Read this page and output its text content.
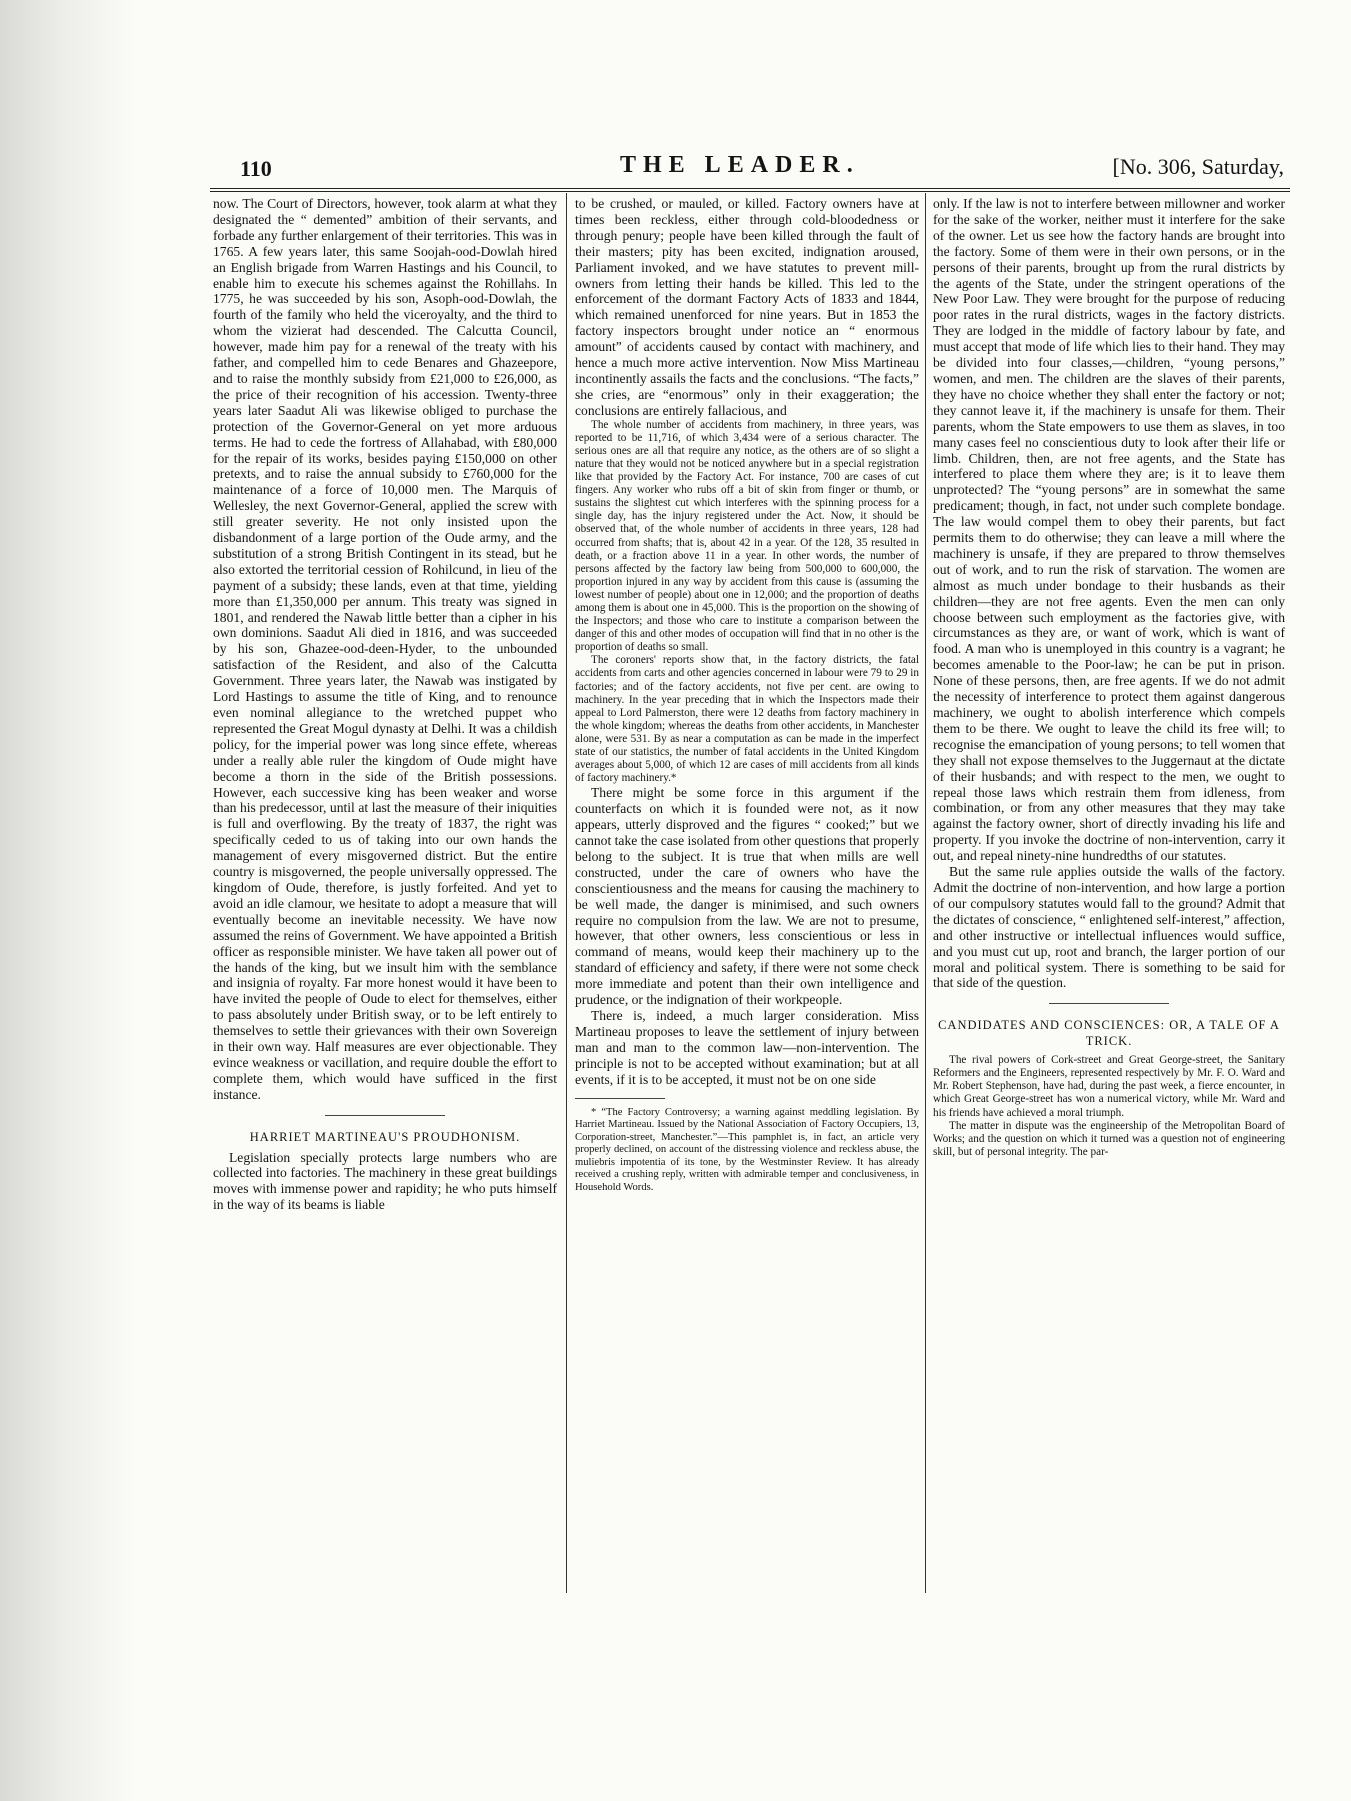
110	THE LEADER.	[No. 306, Saturday,

now. The Court of Directors, however, took alarm at what they designated the “ demented” ambition of their servants, and forbade any further enlargement of their territories. This was in 1765. A few years later, this same Soojah-ood-Dowlah hired an English brigade from Warren Hastings and his Council, to enable him to execute his schemes against the Rohillahs. In 1775, he was succeeded by his son, Asoph-ood-Dowlah, the fourth of the family who held the viceroyalty, and the third to whom the vizierat had descended. The Calcutta Council, however, made him pay for a renewal of the treaty with his father, and compelled him to cede Benares and Ghazeepore, and to raise the monthly subsidy from £21,000 to £26,000, as the price of their recognition of his accession. Twenty-three years later Saadut Ali was likewise obliged to purchase the protection of the Governor-General on yet more arduous terms. He had to cede the fortress of Allahabad, with £80,000 for the repair of its works, besides paying £150,000 on other pretexts, and to raise the annual subsidy to £760,000 for the maintenance of a force of 10,000 men. The Marquis of Wellesley, the next Governor-General, applied the screw with still greater severity. He not only insisted upon the disbandonment of a large portion of the Oude army, and the substitution of a strong British Contingent in its stead, but he also extorted the territorial cession of Rohilcund, in lieu of the payment of a subsidy; these lands, even at that time, yielding more than £1,350,000 per annum. This treaty was signed in 1801, and rendered the Nawab little better than a cipher in his own dominions. Saadut Ali died in 1816, and was succeeded by his son, Ghazee-ood-deen-Hyder, to the unbounded satisfaction of the Resident, and also of the Calcutta Government. Three years later, the Nawab was instigated by Lord Hastings to assume the title of King, and to renounce even nominal allegiance to the wretched puppet who represented the Great Mogul dynasty at Delhi. It was a childish policy, for the imperial power was long since effete, whereas under a really able ruler the kingdom of Oude might have become a thorn in the side of the British possessions. However, each successive king has been weaker and worse than his predecessor, until at last the measure of their iniquities is full and overflowing. By the treaty of 1837, the right was specifically ceded to us of taking into our own hands the management of every misgoverned district. But the entire country is misgoverned, the people universally oppressed. The kingdom of Oude, therefore, is justly forfeited. And yet to avoid an idle clamour, we hesitate to adopt a measure that will eventually become an inevitable necessity. We have now assumed the reins of Government. We have appointed a British officer as responsible minister. We have taken all power out of the hands of the king, but we insult him with the semblance and insignia of royalty. Far more honest would it have been to have invited the people of Oude to elect for themselves, either to pass absolutely under British sway, or to be left entirely to themselves to settle their grievances with their own Sovereign in their own way. Half measures are ever objectionable. They evince weakness or vacillation, and require double the effort to complete them, which would have sufficed in the first instance.

HARRIET MARTINEAU'S PROUDHONISM.

Legislation specially protects large numbers who are collected into factories. The machinery in these great buildings moves with immense power and rapidity; he who puts himself in the way of its beams is liable

to be crushed, or mauled, or killed. Factory owners have at times been reckless, either through cold-bloodedness or through penury; people have been killed through the fault of their masters; pity has been excited, indignation aroused, Parliament invoked, and we have statutes to prevent mill-owners from letting their hands be killed. This led to the enforcement of the dormant Factory Acts of 1833 and 1844, which remained unenforced for nine years. But in 1853 the factory inspectors brought under notice an “ enormous amount” of accidents caused by contact with machinery, and hence a much more active intervention. Now Miss Martineau incontinently assails the facts and the conclusions. “The facts,” she cries, are “enormous” only in their exaggeration; the conclusions are entirely fallacious, and

The whole number of accidents from machinery, in three years, was reported to be 11,716, of which 3,434 were of a serious character. The serious ones are all that require any notice, as the others are of so slight a nature that they would not be noticed anywhere but in a special registration like that provided by the Factory Act. For instance, 700 are cases of cut fingers. Any worker who rubs off a bit of skin from finger or thumb, or sustains the slightest cut which interferes with the spinning process for a single day, has the injury registered under the Act. Now, it should be observed that, of the whole number of accidents in three years, 128 had occurred from shafts; that is, about 42 in a year. Of the 128, 35 resulted in death, or a fraction above 11 in a year. In other words, the number of persons affected by the factory law being from 500,000 to 600,000, the proportion injured in any way by accident from this cause is (assuming the lowest number of people) about one in 12,000; and the proportion of deaths among them is about one in 45,000. This is the proportion on the showing of the Inspectors; and those who care to institute a comparison between the danger of this and other modes of occupation will find that in no other is the proportion of deaths so small.

The coroners' reports show that, in the factory districts, the fatal accidents from carts and other agencies concerned in labour were 79 to 29 in factories; and of the factory accidents, not five per cent. are owing to machinery. In the year preceding that in which the Inspectors made their appeal to Lord Palmerston, there were 12 deaths from factory machinery in the whole kingdom; whereas the deaths from other accidents, in Manchester alone, were 531. By as near a computation as can be made in the imperfect state of our statistics, the number of fatal accidents in the United Kingdom averages about 5,000, of which 12 are cases of mill accidents from all kinds of factory machinery.*

There might be some force in this argument if the counterfacts on which it is founded were not, as it now appears, utterly disproved and the figures “ cooked;” but we cannot take the case isolated from other questions that properly belong to the subject. It is true that when mills are well constructed, under the care of owners who have the conscientiousness and the means for causing the machinery to be well made, the danger is minimised, and such owners require no compulsion from the law. We are not to presume, however, that other owners, less conscientious or less in command of means, would keep their machinery up to the standard of efficiency and safety, if there were not some check more immediate and potent than their own intelligence and prudence, or the indignation of their workpeople.

There is, indeed, a much larger consideration. Miss Martineau proposes to leave the settlement of injury between man and man to the common law—non-intervention. The principle is not to be accepted without examination; but at all events, if it is to be accepted, it must not be on one side

* “The Factory Controversy; a warning against meddling legislation. By Harriet Martineau. Issued by the National Association of Factory Occupiers, 13, Corporation-street, Manchester.”—This pamphlet is, in fact, an article very properly declined, on account of the distressing violence and reckless abuse, the muliebris impotentia of its tone, by the Westminster Review. It has already received a crushing reply, written with admirable temper and conclusiveness, in Household Words.

only. If the law is not to interfere between millowner and worker for the sake of the worker, neither must it interfere for the sake of the owner. Let us see how the factory hands are brought into the factory. Some of them were in their own persons, or in the persons of their parents, brought up from the rural districts by the agents of the State, under the stringent operations of the New Poor Law. They were brought for the purpose of reducing poor rates in the rural districts, wages in the factory districts. They are lodged in the middle of factory labour by fate, and must accept that mode of life which lies to their hand. They may be divided into four classes,—children, “young persons,” women, and men. The children are the slaves of their parents, they have no choice whether they shall enter the factory or not; they cannot leave it, if the machinery is unsafe for them. Their parents, whom the State empowers to use them as slaves, in too many cases feel no conscientious duty to look after their life or limb. Children, then, are not free agents, and the State has interfered to place them where they are; is it to leave them unprotected? The “young persons” are in somewhat the same predicament; though, in fact, not under such complete bondage. The law would compel them to obey their parents, but fact permits them to do otherwise; they can leave a mill where the machinery is unsafe, if they are prepared to throw themselves out of work, and to run the risk of starvation. The women are almost as much under bondage to their husbands as their children—they are not free agents. Even the men can only choose between such employment as the factories give, with circumstances as they are, or want of work, which is want of food. A man who is unemployed in this country is a vagrant; he becomes amenable to the Poor-law; he can be put in prison. None of these persons, then, are free agents. If we do not admit the necessity of interference to protect them against dangerous machinery, we ought to abolish interference which compels them to be there. We ought to leave the child its free will; to recognise the emancipation of young persons; to tell women that they shall not expose themselves to the Juggernaut at the dictate of their husbands; and with respect to the men, we ought to repeal those laws which restrain them from idleness, from combination, or from any other measures that they may take against the factory owner, short of directly invading his life and property. If you invoke the doctrine of non-intervention, carry it out, and repeal ninety-nine hundredths of our statutes.

But the same rule applies outside the walls of the factory. Admit the doctrine of non-intervention, and how large a portion of our compulsory statutes would fall to the ground? Admit that the dictates of conscience, “ enlightened self-interest,” affection, and other instructive or intellectual influences would suffice, and you must cut up, root and branch, the larger portion of our moral and political system. There is something to be said for that side of the question.

CANDIDATES AND CONSCIENCES: OR, A TALE OF A TRICK.

The rival powers of Cork-street and Great George-street, the Sanitary Reformers and the Engineers, represented respectively by Mr. F. O. Ward and Mr. Robert Stephenson, have had, during the past week, a fierce encounter, in which Great George-street has won a numerical victory, while Mr. Ward and his friends have achieved a moral triumph.

The matter in dispute was the engineership of the Metropolitan Board of Works; and the question on which it turned was a question not of engineering skill, but of personal integrity. The par-
